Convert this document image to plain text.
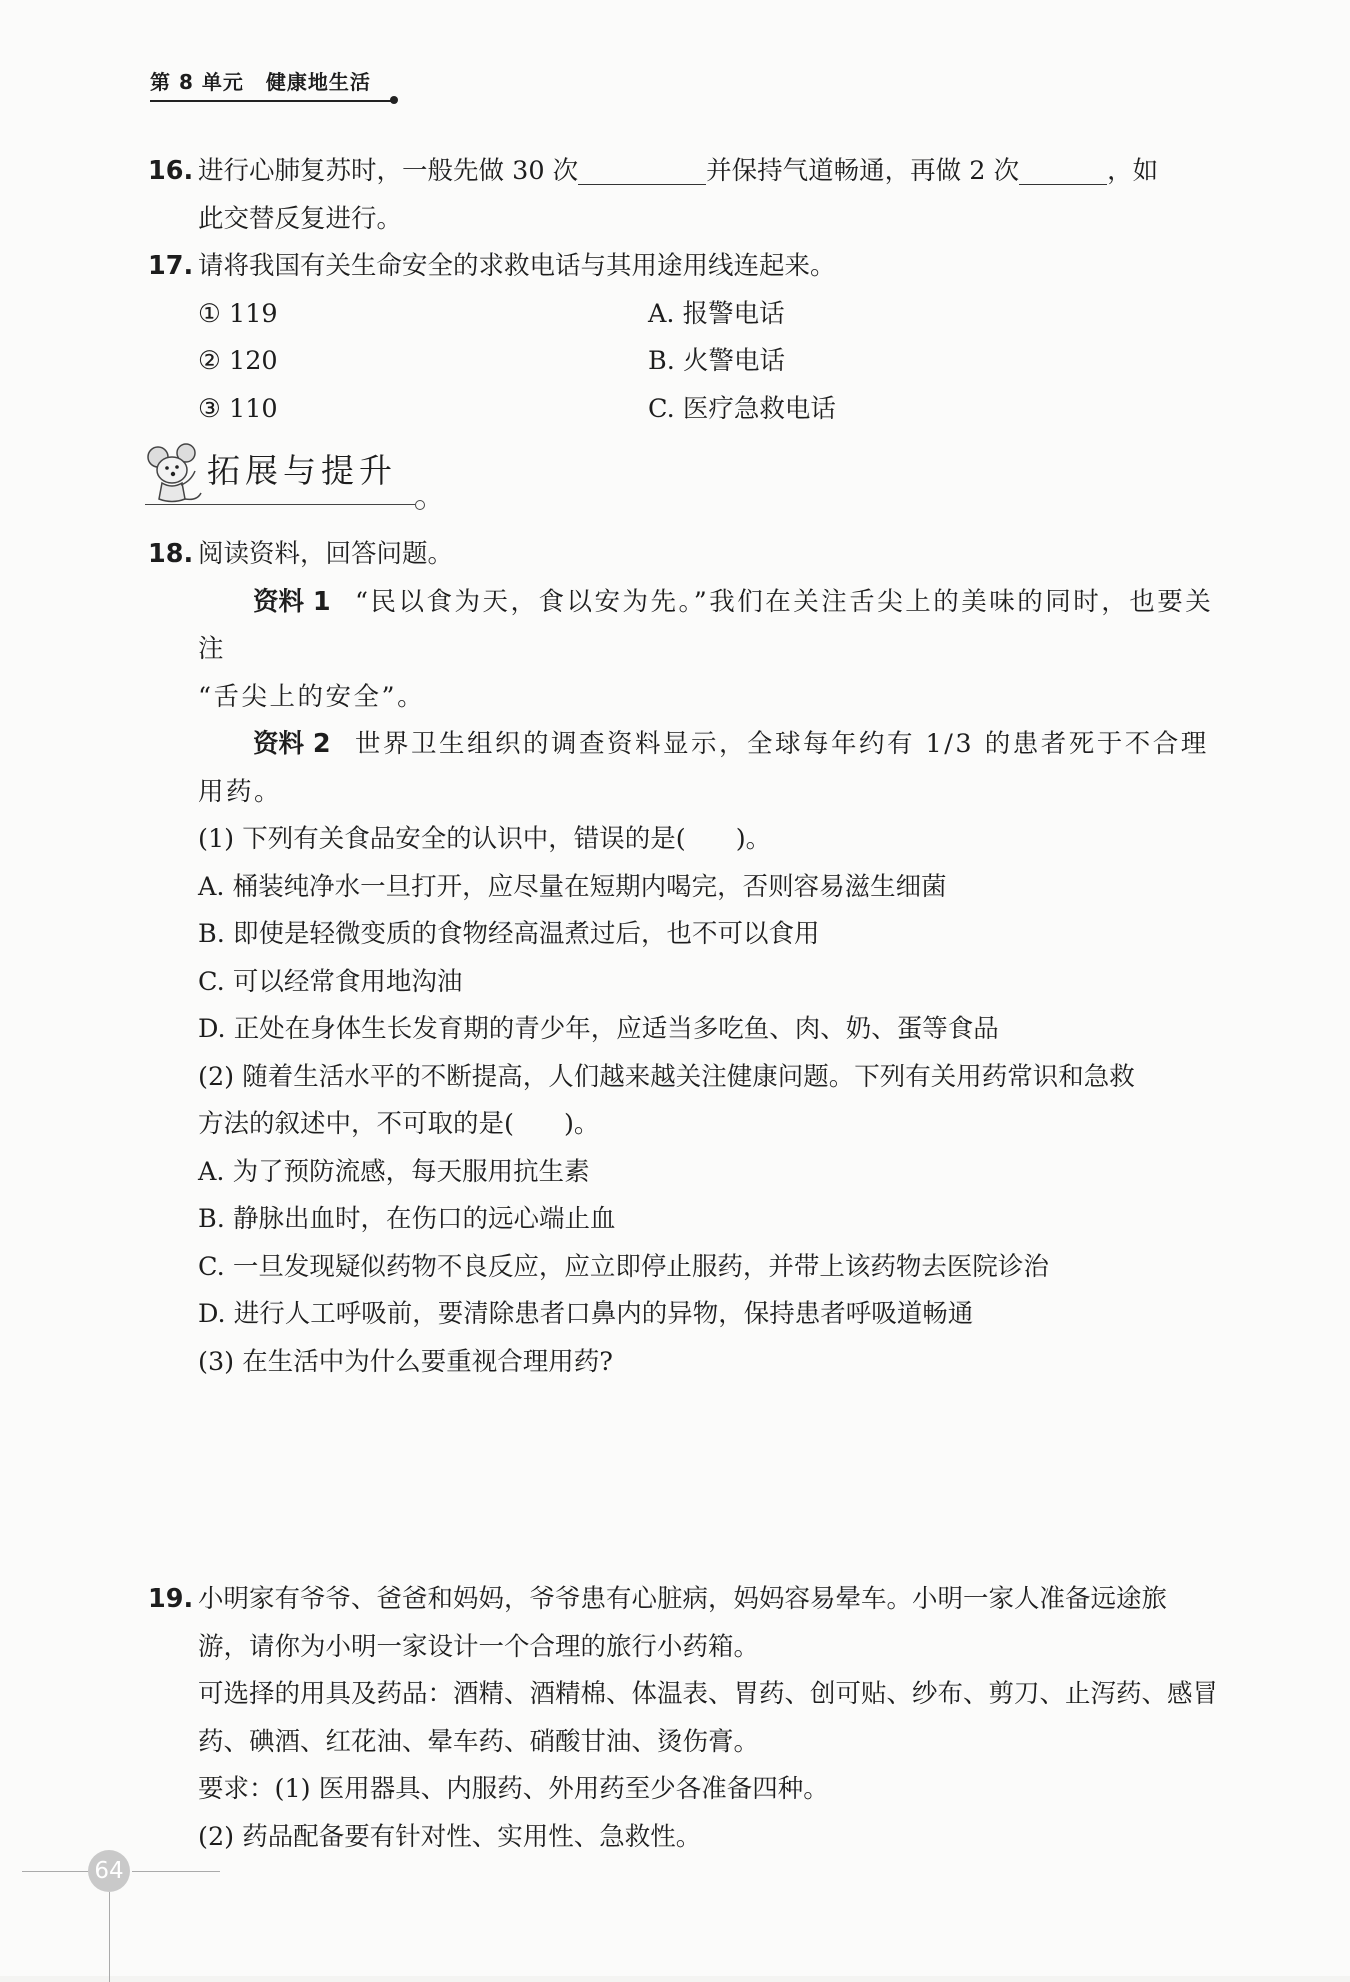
第 8 单元 健康地生活
16. 进行心肺复苏时，一般先做 30 次	并保持气道畅通，再做 2 次	，如
此交替反复进行。
17. 请将我国有关生命安全的求救电话与其用途用线连起来。
① 119	A. 报警电话
② 120	B. 火警电话
③ 110	C. 医疗急救电话
拓展与提升
18. 阅读资料，回答问题。
资料 1 “民以食为天，食以安为先。”我们在关注舌尖上的美味的同时，也要关注
“舌尖上的安全”。
资料 2 世界卫生组织的调查资料显示，全球每年约有 1/3 的患者死于不合理
用药。
(1) 下列有关食品安全的认识中，错误的是( )。
A. 桶装纯净水一旦打开，应尽量在短期内喝完，否则容易滋生细菌
B. 即使是轻微变质的食物经高温煮过后，也不可以食用
C. 可以经常食用地沟油
D. 正处在身体生长发育期的青少年，应适当多吃鱼、肉、奶、蛋等食品
(2) 随着生活水平的不断提高，人们越来越关注健康问题。下列有关用药常识和急救
方法的叙述中，不可取的是( )。
A. 为了预防流感，每天服用抗生素
B. 静脉出血时，在伤口的远心端止血
C. 一旦发现疑似药物不良反应，应立即停止服药，并带上该药物去医院诊治
D. 进行人工呼吸前，要清除患者口鼻内的异物，保持患者呼吸道畅通
(3) 在生活中为什么要重视合理用药?
19. 小明家有爷爷、爸爸和妈妈，爷爷患有心脏病，妈妈容易晕车。小明一家人准备远途旅
游，请你为小明一家设计一个合理的旅行小药箱。
可选择的用具及药品：酒精、酒精棉、体温表、胃药、创可贴、纱布、剪刀、止泻药、感冒
药、碘酒、红花油、晕车药、硝酸甘油、烫伤膏。
要求：(1) 医用器具、内服药、外用药至少各准备四种。
(2) 药品配备要有针对性、实用性、急救性。
64
